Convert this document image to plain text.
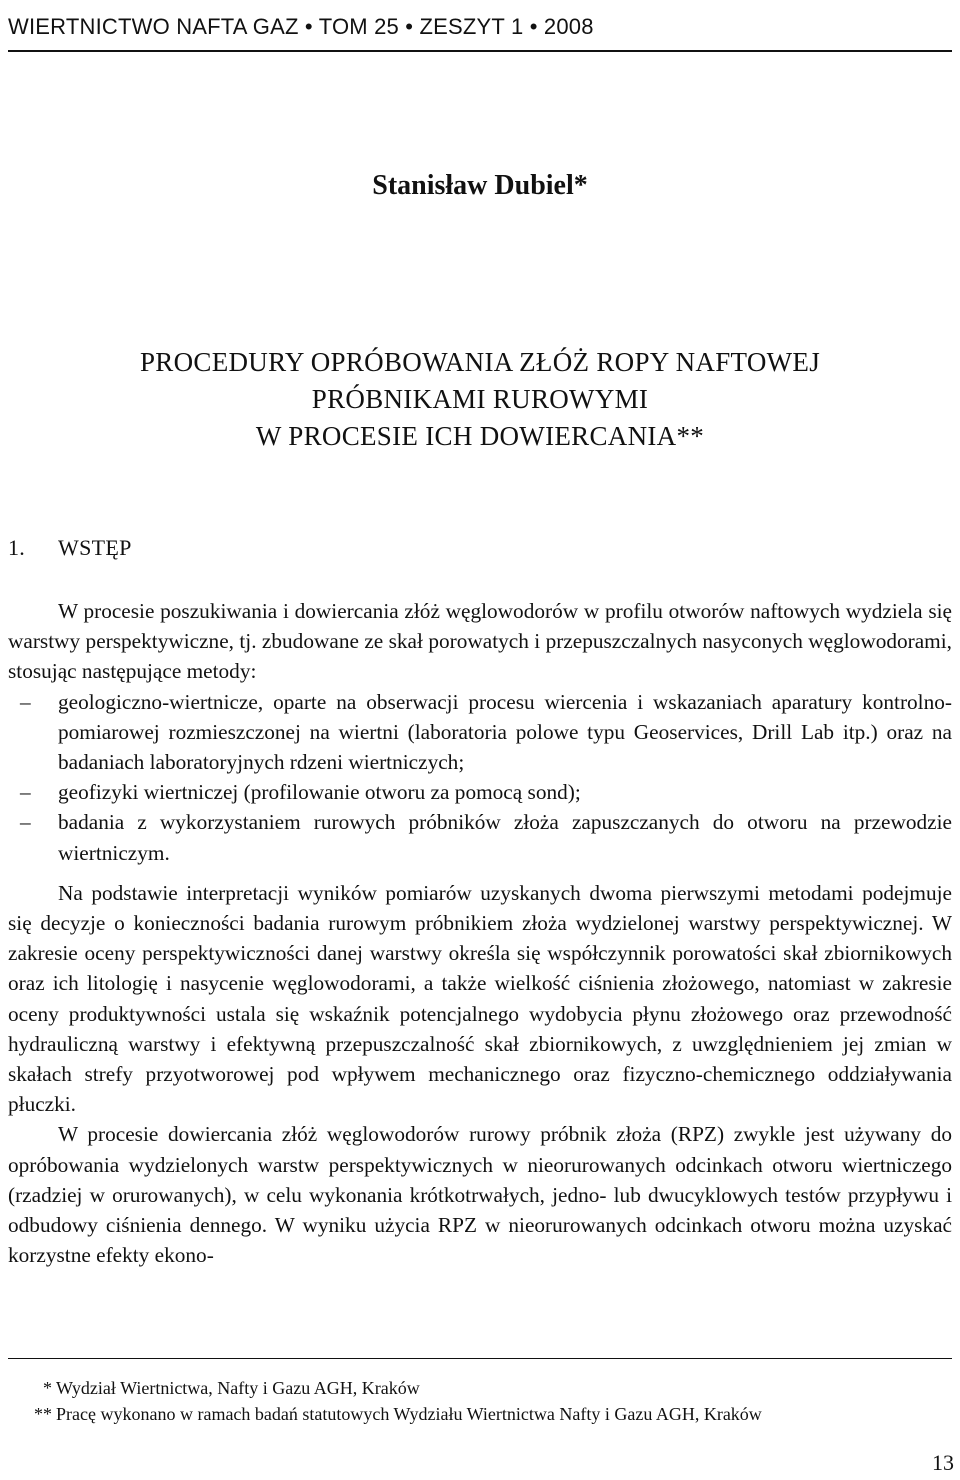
WIERTNICTWO NAFTA GAZ • TOM 25 • ZESZYT 1 • 2008
Stanisław Dubiel*
PROCEDURY OPRÓBOWANIA ZŁÓŻ ROPY NAFTOWEJ
PRÓBNIKAMI RUROWYMI
W PROCESIE ICH DOWIERCANIA**
1. WSTĘP

W procesie poszukiwania i dowiercania złóż węglowodorów w profilu otworów naftowych wydziela się warstwy perspektywiczne, tj. zbudowane ze skał porowatych i przepuszczalnych nasyconych węglowodorami, stosując następujące metody:

– geologiczno-wiertnicze, oparte na obserwacji procesu wiercenia i wskazaniach aparatury kontrolno-pomiarowej rozmieszczonej na wiertni (laboratoria polowe typu Geoservices, Drill Lab itp.) oraz na badaniach laboratoryjnych rdzeni wiertniczych;
– geofizyki wiertniczej (profilowanie otworu za pomocą sond);
– badania z wykorzystaniem rurowych próbników złoża zapuszczanych do otworu na przewodzie wiertniczym.

Na podstawie interpretacji wyników pomiarów uzyskanych dwoma pierwszymi metodami podejmuje się decyzje o konieczności badania rurowym próbnikiem złoża wydzielonej warstwy perspektywicznej. W zakresie oceny perspektywiczności danej warstwy określa się współczynnik porowatości skał zbiornikowych oraz ich litologię i nasycenie węglowodorami, a także wielkość ciśnienia złożowego, natomiast w zakresie oceny produktywności ustala się wskaźnik potencjalnego wydobycia płynu złożowego oraz przewodność hydrauliczną warstwy i efektywną przepuszczalność skał zbiornikowych, z uwzględnieniem jej zmian w skałach strefy przyotworowej pod wpływem mechanicznego oraz fizyczno-chemicznego oddziaływania płuczki.

W procesie dowiercania złóż węglowodorów rurowy próbnik złoża (RPZ) zwykle jest używany do opróbowania wydzielonych warstw perspektywicznych w nieorurowanych odcinkach otworu wiertniczego (rzadziej w orurowanych), w celu wykonania krótkotrwałych, jedno- lub dwucyklowych testów przypływu i odbudowy ciśnienia dennego. W wyniku użycia RPZ w nieorurowanych odcinkach otworu można uzyskać korzystne efekty ekono-

* Wydział Wiertnictwa, Nafty i Gazu AGH, Kraków
** Pracę wykonano w ramach badań statutowych Wydziału Wiertnictwa Nafty i Gazu AGH, Kraków
13
